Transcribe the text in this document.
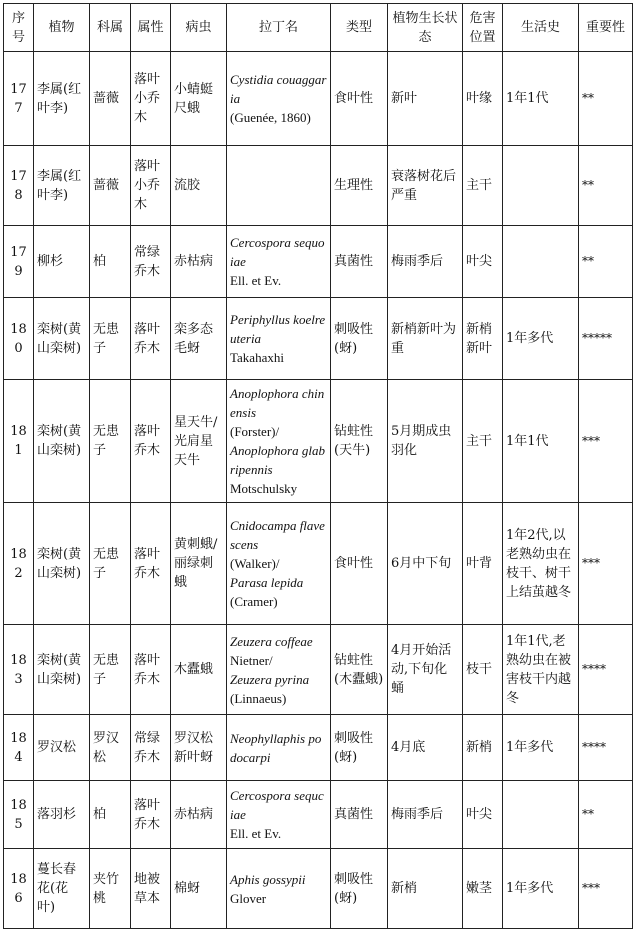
序号	植物	科属	属性	病虫	拉丁名	类型	植物生长状态	危害位置	生活史	重要性
177	李属(红叶李)	蔷薇	落叶小乔木	小蜻蜓尺蛾	Cystidia couaggaria
(Guenée, 1860)	食叶性	新叶	叶缘	1年1代	**
178	李属(红叶李)	蔷薇	落叶小乔木	流胶		生理性	衰落树花后严重	主干		**
179	柳杉	柏	常绿乔木	赤枯病	Cercospora sequoiae
Ell. et Ev.	真菌性	梅雨季后	叶尖		**
180	栾树(黄山栾树)	无患子	落叶乔木	栾多态毛蚜	Periphyllus koelreuteria
Takahaxhi	刺吸性(蚜)	新梢新叶为重	新梢新叶	1年多代	*****
181	栾树(黄山栾树)	无患子	落叶乔木	星天牛/光肩星天牛	Anoplophora chinensis
(Forster)/
Anoplophora glabripennis
Motschulsky	钻蛀性(天牛)	5月期成虫羽化	主干	1年1代	***
182	栾树(黄山栾树)	无患子	落叶乔木	黄刺蛾/丽绿刺蛾	Cnidocampa flavescens
(Walker)/
Parasa lepida
(Cramer)	食叶性	6月中下旬	叶背	1年2代,以老熟幼虫在枝干、树干上结茧越冬	***
183	栾树(黄山栾树)	无患子	落叶乔木	木蠹蛾	Zeuzera coffeae
Nietner/
Zeuzera pyrina
(Linnaeus)	钻蛀性(木蠹蛾)	4月开始活动,下旬化蛹	枝干	1年1代,老熟幼虫在被害枝干内越冬	****
184	罗汉松	罗汉松	常绿乔木	罗汉松新叶蚜	Neophyllaphis podocarpi	刺吸性(蚜)	4月底	新梢	1年多代	****
185	落羽杉	柏	落叶乔木	赤枯病	Cercospora sequciae
Ell. et Ev.	真菌性	梅雨季后	叶尖		**
186	蔓长春花(花叶)	夹竹桃	地被草本	棉蚜	Aphis gossypii
Glover	刺吸性(蚜)	新梢	嫩茎	1年多代	***
